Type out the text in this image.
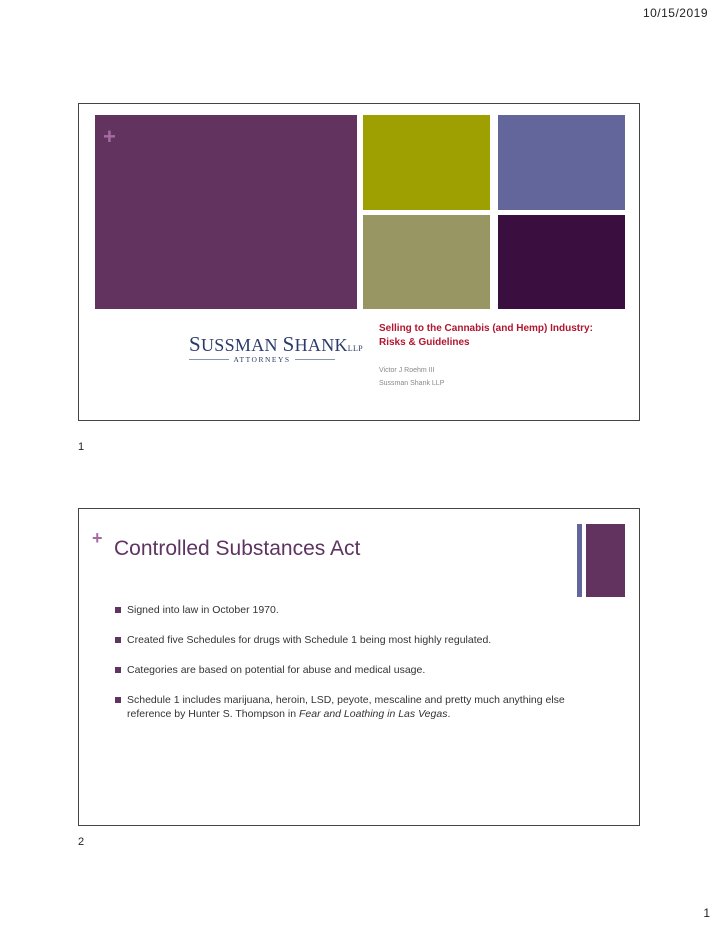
10/15/2019
+
SUSSMAN SHANKLLP
ATTORNEYS
Selling to the Cannabis (and Hemp) Industry: Risks & Guidelines
Victor J Roehm III
Sussman Shank LLP
1
+ Controlled Substances Act
Signed into law in October 1970.
Created five Schedules for drugs with Schedule 1 being most highly regulated.
Categories are based on potential for abuse and medical usage.
Schedule 1 includes marijuana, heroin, LSD, peyote, mescaline and pretty much anything else reference by Hunter S. Thompson in Fear and Loathing in Las Vegas.
2
1
